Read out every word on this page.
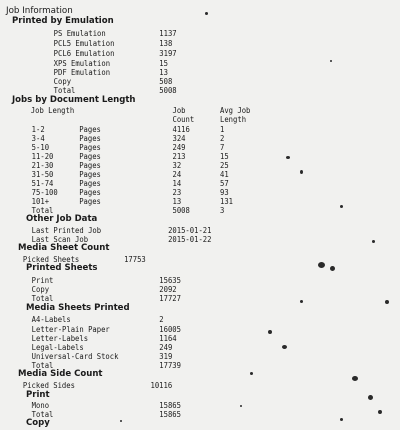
Job Information
Printed by Emulation
PS Emulation	1137
PCL5 Emulation	138
PCL6 Emulation	3197
XPS Emulation	15
PDF Emulation	13
Copy	508
Total	5008
Jobs by Document Length
Job Length	Job	Avg Job
Count	Length
1-2	Pages	4116	1
3-4	Pages	324	2
5-10	Pages	249	7
11-20	Pages	213	15
21-30	Pages	32	25
31-50	Pages	24	41
51-74	Pages	14	57
75-100	Pages	23	93
101+	Pages	13	131
Total	5008	3
Other Job Data
Last Printed Job	2015-01-21
Last Scan Job	2015-01-22
Media Sheet Count
Picked Sheets	17753
Printed Sheets
Print	15635
Copy	2092
Total	17727
Media Sheets Printed
A4-Labels	2
Letter-Plain Paper	16005
Letter-Labels	1164
Legal-Labels	249
Universal-Card Stock	319
Total	17739
Media Side Count
Picked Sides	10116
Print
Mono	15865
Total	15865
Copy
